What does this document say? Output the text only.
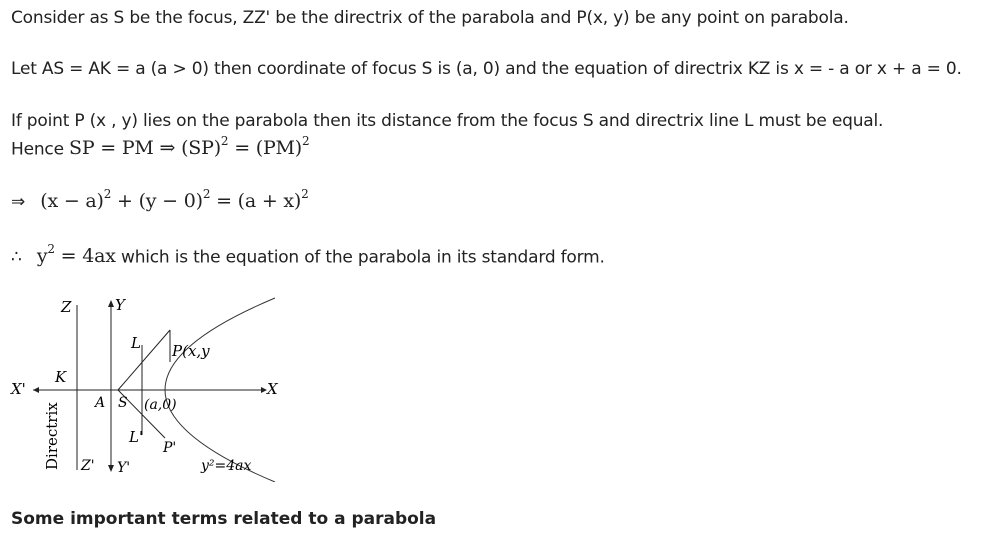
Consider as S be the focus, ZZ' be the directrix of the parabola and P(x, y) be any point on parabola.
Let AS = AK = a (a > 0) then coordinate of focus S is (a, 0) and the equation of directrix KZ is x = - a or x + a = 0.
If point P (x , y) lies on the parabola then its distance from the focus S and directrix line L must be equal.
Hence SP = PM ⇒ (SP)$^2$ = (PM)$^2$
⇒ $(x - a)^2 + (y - 0)^2 = (a + x)^2$
∴ $y^2 = 4ax$ which is the equation of the parabola in its standard form.
Z	Y
L P(x,y
K
X'	X
A S (a,0)
L'
P'
Z' Y'	y²=4ax
Directrix
Some important terms related to a parabola
